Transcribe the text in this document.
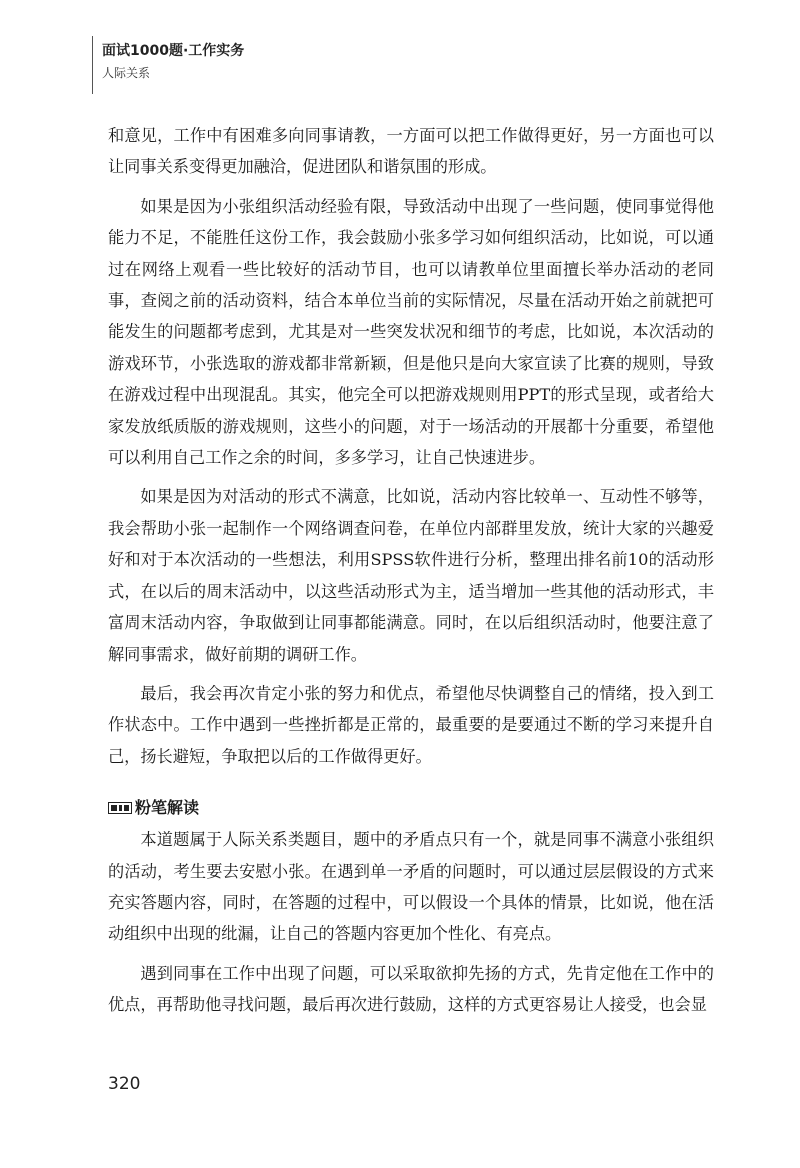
面试1000题·工作实务
人际关系

和意见，工作中有困难多向同事请教，一方面可以把工作做得更好，另一方面也可以让同事关系变得更加融洽，促进团队和谐氛围的形成。

如果是因为小张组织活动经验有限，导致活动中出现了一些问题，使同事觉得他能力不足，不能胜任这份工作，我会鼓励小张多学习如何组织活动，比如说，可以通过在网络上观看一些比较好的活动节目，也可以请教单位里面擅长举办活动的老同事，查阅之前的活动资料，结合本单位当前的实际情况，尽量在活动开始之前就把可能发生的问题都考虑到，尤其是对一些突发状况和细节的考虑，比如说，本次活动的游戏环节，小张选取的游戏都非常新颖，但是他只是向大家宣读了比赛的规则，导致在游戏过程中出现混乱。其实，他完全可以把游戏规则用PPT的形式呈现，或者给大家发放纸质版的游戏规则，这些小的问题，对于一场活动的开展都十分重要，希望他可以利用自己工作之余的时间，多多学习，让自己快速进步。

如果是因为对活动的形式不满意，比如说，活动内容比较单一、互动性不够等，我会帮助小张一起制作一个网络调查问卷，在单位内部群里发放，统计大家的兴趣爱好和对于本次活动的一些想法，利用SPSS软件进行分析，整理出排名前10的活动形式，在以后的周末活动中，以这些活动形式为主，适当增加一些其他的活动形式，丰富周末活动内容，争取做到让同事都能满意。同时，在以后组织活动时，他要注意了解同事需求，做好前期的调研工作。

最后，我会再次肯定小张的努力和优点，希望他尽快调整自己的情绪，投入到工作状态中。工作中遇到一些挫折都是正常的，最重要的是要通过不断的学习来提升自己，扬长避短，争取把以后的工作做得更好。

粉笔解读

本道题属于人际关系类题目，题中的矛盾点只有一个，就是同事不满意小张组织的活动，考生要去安慰小张。在遇到单一矛盾的问题时，可以通过层层假设的方式来充实答题内容，同时，在答题的过程中，可以假设一个具体的情景，比如说，他在活动组织中出现的纰漏，让自己的答题内容更加个性化、有亮点。

遇到同事在工作中出现了问题，可以采取欲抑先扬的方式，先肯定他在工作中的优点，再帮助他寻找问题，最后再次进行鼓励，这样的方式更容易让人接受，也会显

320
